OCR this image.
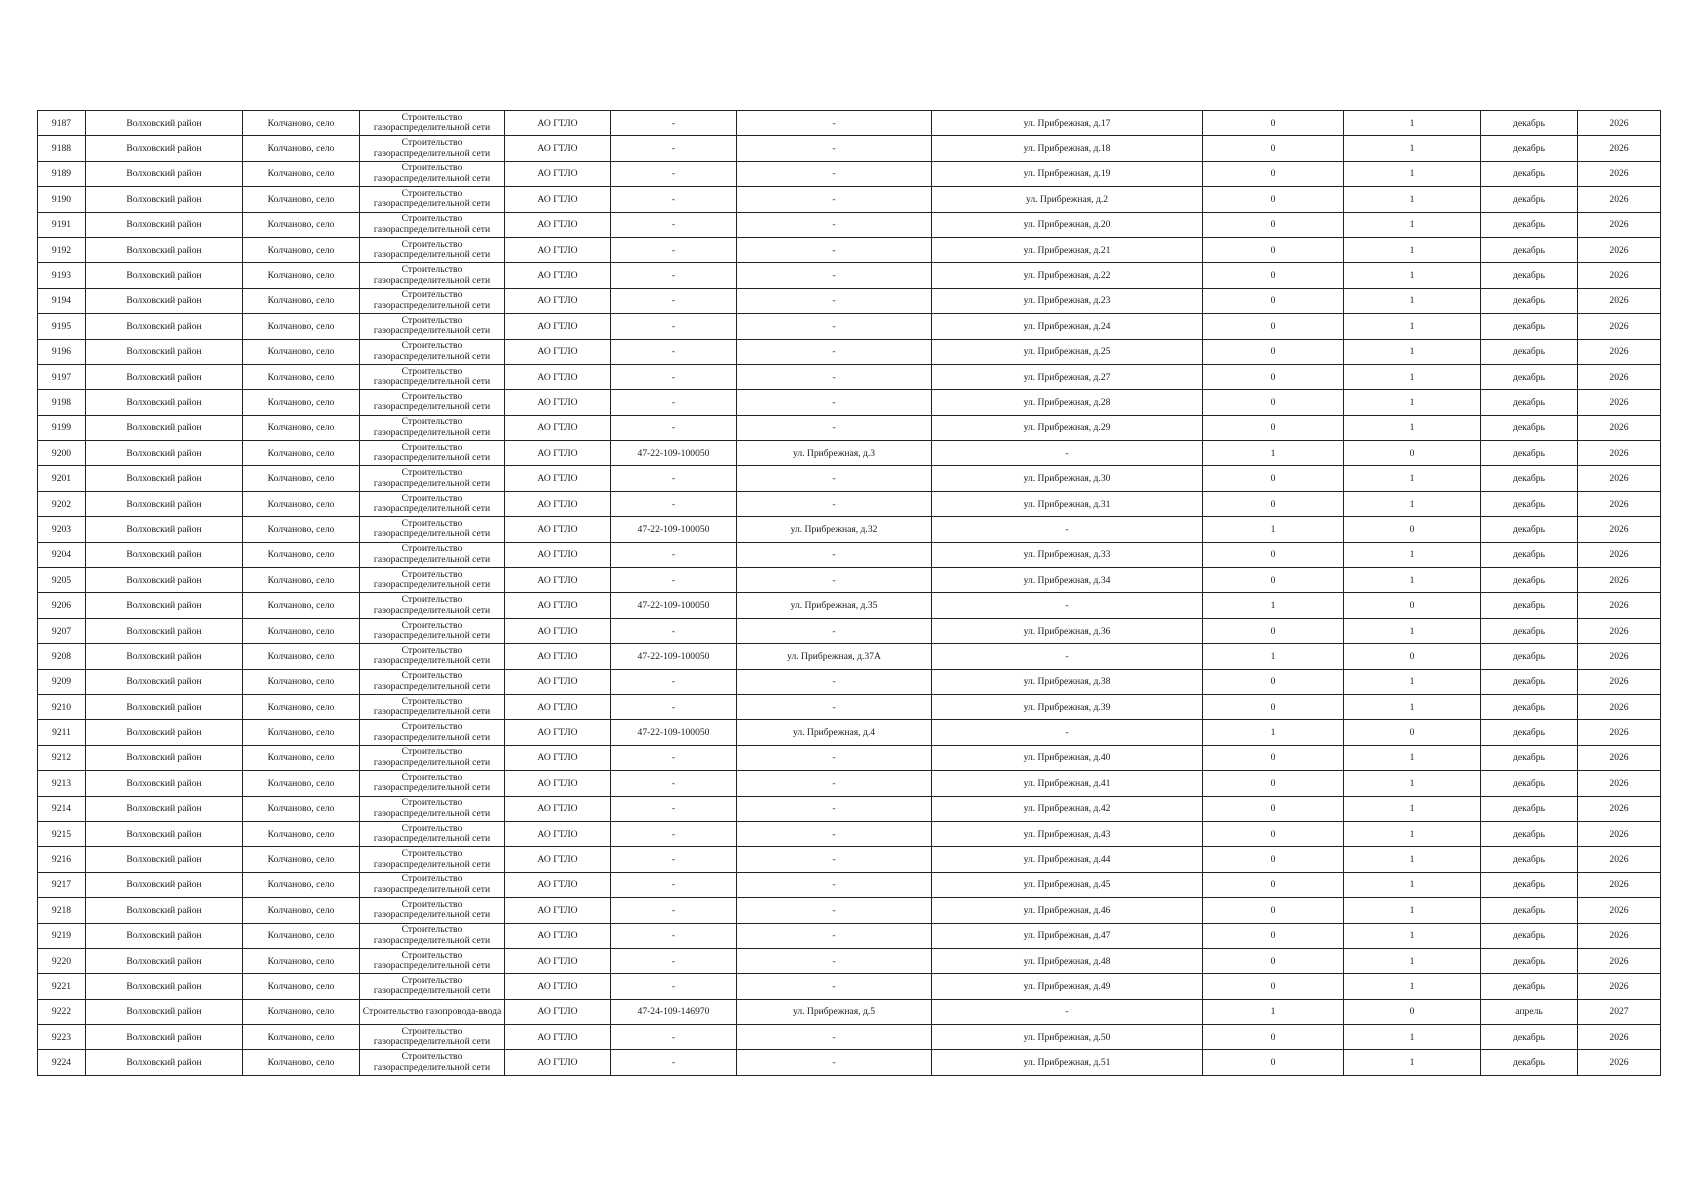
9187	Волховский район	Колчаново, село	Строительство газораспределительной сети	АО ГТЛО	-	-	ул. Прибрежная, д.17	0	1	декабрь	2026
9188	Волховский район	Колчаново, село	Строительство газораспределительной сети	АО ГТЛО	-	-	ул. Прибрежная, д.18	0	1	декабрь	2026
9189	Волховский район	Колчаново, село	Строительство газораспределительной сети	АО ГТЛО	-	-	ул. Прибрежная, д.19	0	1	декабрь	2026
9190	Волховский район	Колчаново, село	Строительство газораспределительной сети	АО ГТЛО	-	-	ул. Прибрежная, д.2	0	1	декабрь	2026
9191	Волховский район	Колчаново, село	Строительство газораспределительной сети	АО ГТЛО	-	-	ул. Прибрежная, д.20	0	1	декабрь	2026
9192	Волховский район	Колчаново, село	Строительство газораспределительной сети	АО ГТЛО	-	-	ул. Прибрежная, д.21	0	1	декабрь	2026
9193	Волховский район	Колчаново, село	Строительство газораспределительной сети	АО ГТЛО	-	-	ул. Прибрежная, д.22	0	1	декабрь	2026
9194	Волховский район	Колчаново, село	Строительство газораспределительной сети	АО ГТЛО	-	-	ул. Прибрежная, д.23	0	1	декабрь	2026
9195	Волховский район	Колчаново, село	Строительство газораспределительной сети	АО ГТЛО	-	-	ул. Прибрежная, д.24	0	1	декабрь	2026
9196	Волховский район	Колчаново, село	Строительство газораспределительной сети	АО ГТЛО	-	-	ул. Прибрежная, д.25	0	1	декабрь	2026
9197	Волховский район	Колчаново, село	Строительство газораспределительной сети	АО ГТЛО	-	-	ул. Прибрежная, д.27	0	1	декабрь	2026
9198	Волховский район	Колчаново, село	Строительство газораспределительной сети	АО ГТЛО	-	-	ул. Прибрежная, д.28	0	1	декабрь	2026
9199	Волховский район	Колчаново, село	Строительство газораспределительной сети	АО ГТЛО	-	-	ул. Прибрежная, д.29	0	1	декабрь	2026
9200	Волховский район	Колчаново, село	Строительство газораспределительной сети	АО ГТЛО	47-22-109-100050	ул. Прибрежная, д.3	-	1	0	декабрь	2026
9201	Волховский район	Колчаново, село	Строительство газораспределительной сети	АО ГТЛО	-	-	ул. Прибрежная, д.30	0	1	декабрь	2026
9202	Волховский район	Колчаново, село	Строительство газораспределительной сети	АО ГТЛО	-	-	ул. Прибрежная, д.31	0	1	декабрь	2026
9203	Волховский район	Колчаново, село	Строительство газораспределительной сети	АО ГТЛО	47-22-109-100050	ул. Прибрежная, д.32	-	1	0	декабрь	2026
9204	Волховский район	Колчаново, село	Строительство газораспределительной сети	АО ГТЛО	-	-	ул. Прибрежная, д.33	0	1	декабрь	2026
9205	Волховский район	Колчаново, село	Строительство газораспределительной сети	АО ГТЛО	-	-	ул. Прибрежная, д.34	0	1	декабрь	2026
9206	Волховский район	Колчаново, село	Строительство газораспределительной сети	АО ГТЛО	47-22-109-100050	ул. Прибрежная, д.35	-	1	0	декабрь	2026
9207	Волховский район	Колчаново, село	Строительство газораспределительной сети	АО ГТЛО	-	-	ул. Прибрежная, д.36	0	1	декабрь	2026
9208	Волховский район	Колчаново, село	Строительство газораспределительной сети	АО ГТЛО	47-22-109-100050	ул. Прибрежная, д.37А	-	1	0	декабрь	2026
9209	Волховский район	Колчаново, село	Строительство газораспределительной сети	АО ГТЛО	-	-	ул. Прибрежная, д.38	0	1	декабрь	2026
9210	Волховский район	Колчаново, село	Строительство газораспределительной сети	АО ГТЛО	-	-	ул. Прибрежная, д.39	0	1	декабрь	2026
9211	Волховский район	Колчаново, село	Строительство газораспределительной сети	АО ГТЛО	47-22-109-100050	ул. Прибрежная, д.4	-	1	0	декабрь	2026
9212	Волховский район	Колчаново, село	Строительство газораспределительной сети	АО ГТЛО	-	-	ул. Прибрежная, д.40	0	1	декабрь	2026
9213	Волховский район	Колчаново, село	Строительство газораспределительной сети	АО ГТЛО	-	-	ул. Прибрежная, д.41	0	1	декабрь	2026
9214	Волховский район	Колчаново, село	Строительство газораспределительной сети	АО ГТЛО	-	-	ул. Прибрежная, д.42	0	1	декабрь	2026
9215	Волховский район	Колчаново, село	Строительство газораспределительной сети	АО ГТЛО	-	-	ул. Прибрежная, д.43	0	1	декабрь	2026
9216	Волховский район	Колчаново, село	Строительство газораспределительной сети	АО ГТЛО	-	-	ул. Прибрежная, д.44	0	1	декабрь	2026
9217	Волховский район	Колчаново, село	Строительство газораспределительной сети	АО ГТЛО	-	-	ул. Прибрежная, д.45	0	1	декабрь	2026
9218	Волховский район	Колчаново, село	Строительство газораспределительной сети	АО ГТЛО	-	-	ул. Прибрежная, д.46	0	1	декабрь	2026
9219	Волховский район	Колчаново, село	Строительство газораспределительной сети	АО ГТЛО	-	-	ул. Прибрежная, д.47	0	1	декабрь	2026
9220	Волховский район	Колчаново, село	Строительство газораспределительной сети	АО ГТЛО	-	-	ул. Прибрежная, д.48	0	1	декабрь	2026
9221	Волховский район	Колчаново, село	Строительство газораспределительной сети	АО ГТЛО	-	-	ул. Прибрежная, д.49	0	1	декабрь	2026
9222	Волховский район	Колчаново, село	Строительство газопровода-ввода	АО ГТЛО	47-24-109-146970	ул. Прибрежная, д.5	-	1	0	апрель	2027
9223	Волховский район	Колчаново, село	Строительство газораспределительной сети	АО ГТЛО	-	-	ул. Прибрежная, д.50	0	1	декабрь	2026
9224	Волховский район	Колчаново, село	Строительство газораспределительной сети	АО ГТЛО	-	-	ул. Прибрежная, д.51	0	1	декабрь	2026
